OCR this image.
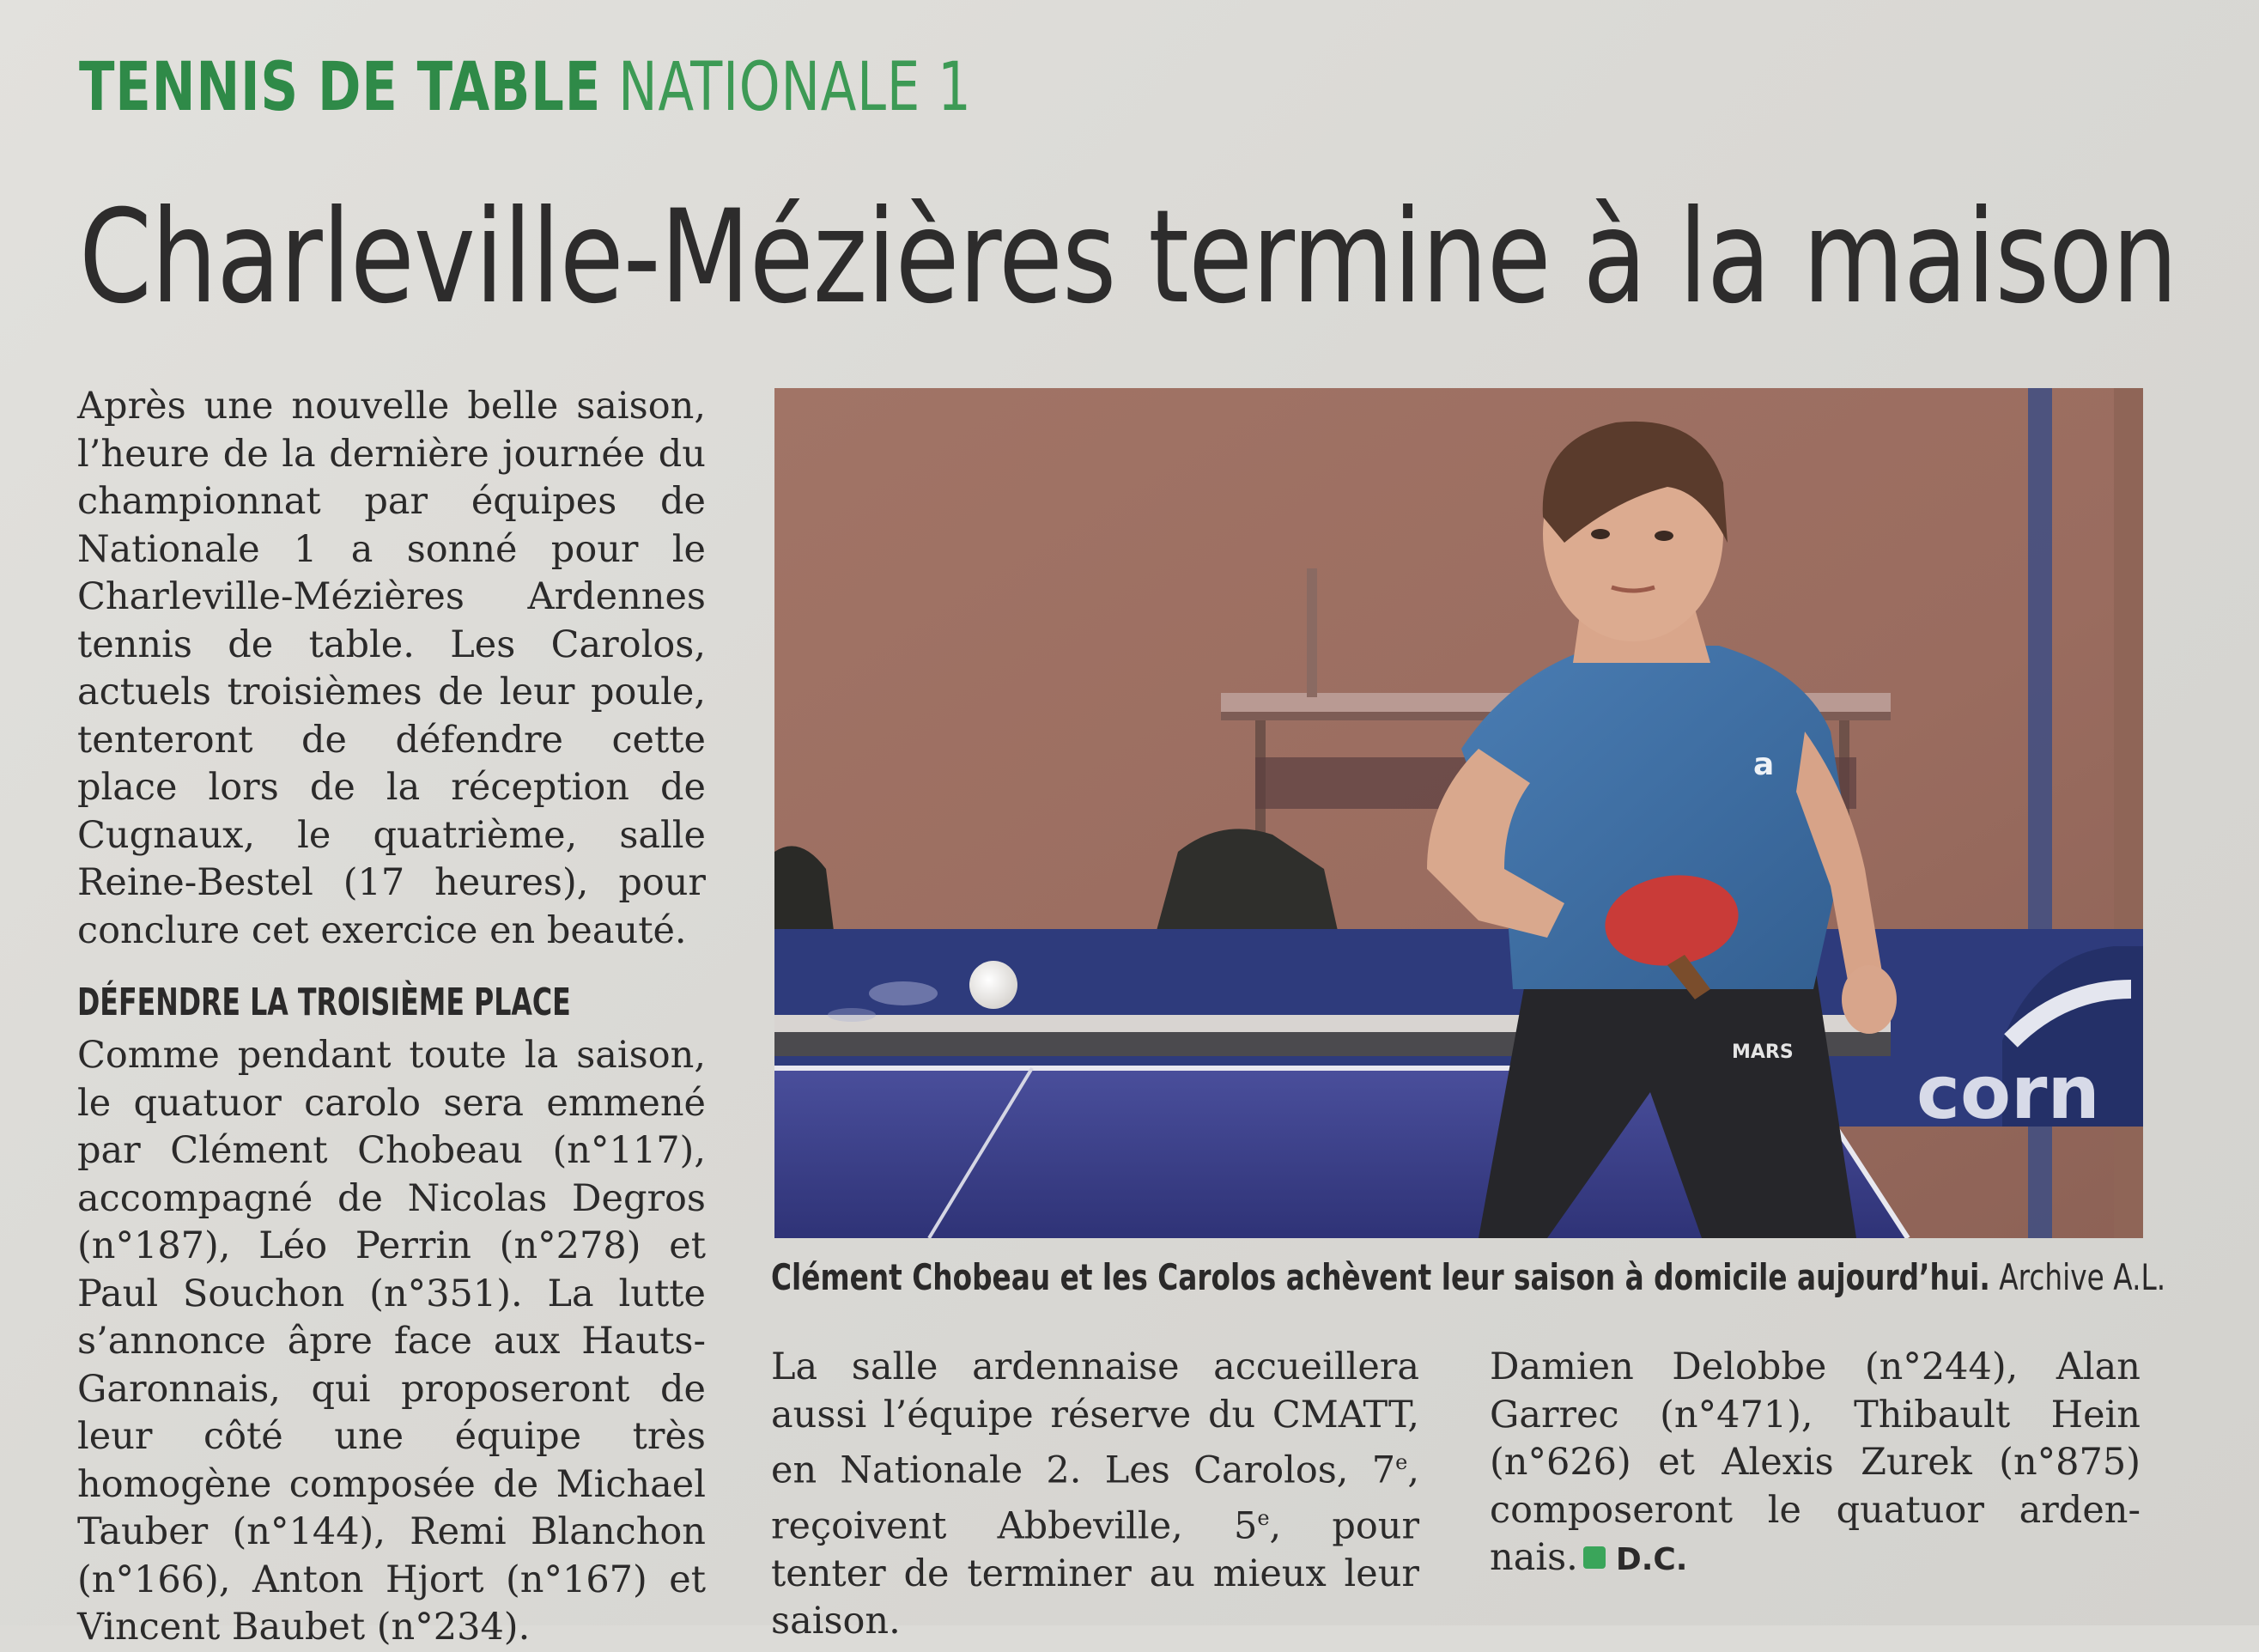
TENNIS DE TABLE NATIONALE 1
Charleville-Mézières termine à la maison

Après une nouvelle belle saison, l’heure de la dernière journée du championnat par équipes de Nationale 1 a sonné pour le Charleville-Mézières Ardennes tennis de table. Les Carolos, actuels troisièmes de leur poule, tenteront de défendre cette place lors de la réception de Cugnaux, le quatrième, salle Reine-Bestel (17 heures), pour conclure cet exercice en beauté.

DÉFENDRE LA TROISIÈME PLACE

Comme pendant toute la saison, le quatuor carolo sera emmené par Clément Chobeau (n°117), accompagné de Nicolas Degros (n°187), Léo Perrin (n°278) et Paul Souchon (n°351). La lutte s’annonce âpre face aux Hauts-Garonnais, qui proposeront de leur côté une équipe très homogène composée de Michael Tauber (n°144), Remi Blanchon (n°166), Anton Hjort (n°167) et Vincent Baubet (n°234).

corn
MARS
a
Clément Chobeau et les Carolos achèvent leur saison à domicile aujourd’hui. Archive A.L.

La salle ardennaise accueillera aussi l’équipe réserve du CMATT, en Nationale 2. Les Carolos, 7e, reçoivent Abbeville, 5e, pour tenter de terminer au mieux leur saison.

Damien Delobbe (n°244), Alan Garrec (n°471), Thibault Hein (n°626) et Alexis Zurek (n°875) composeront le quatuor ardennais. D.C.
